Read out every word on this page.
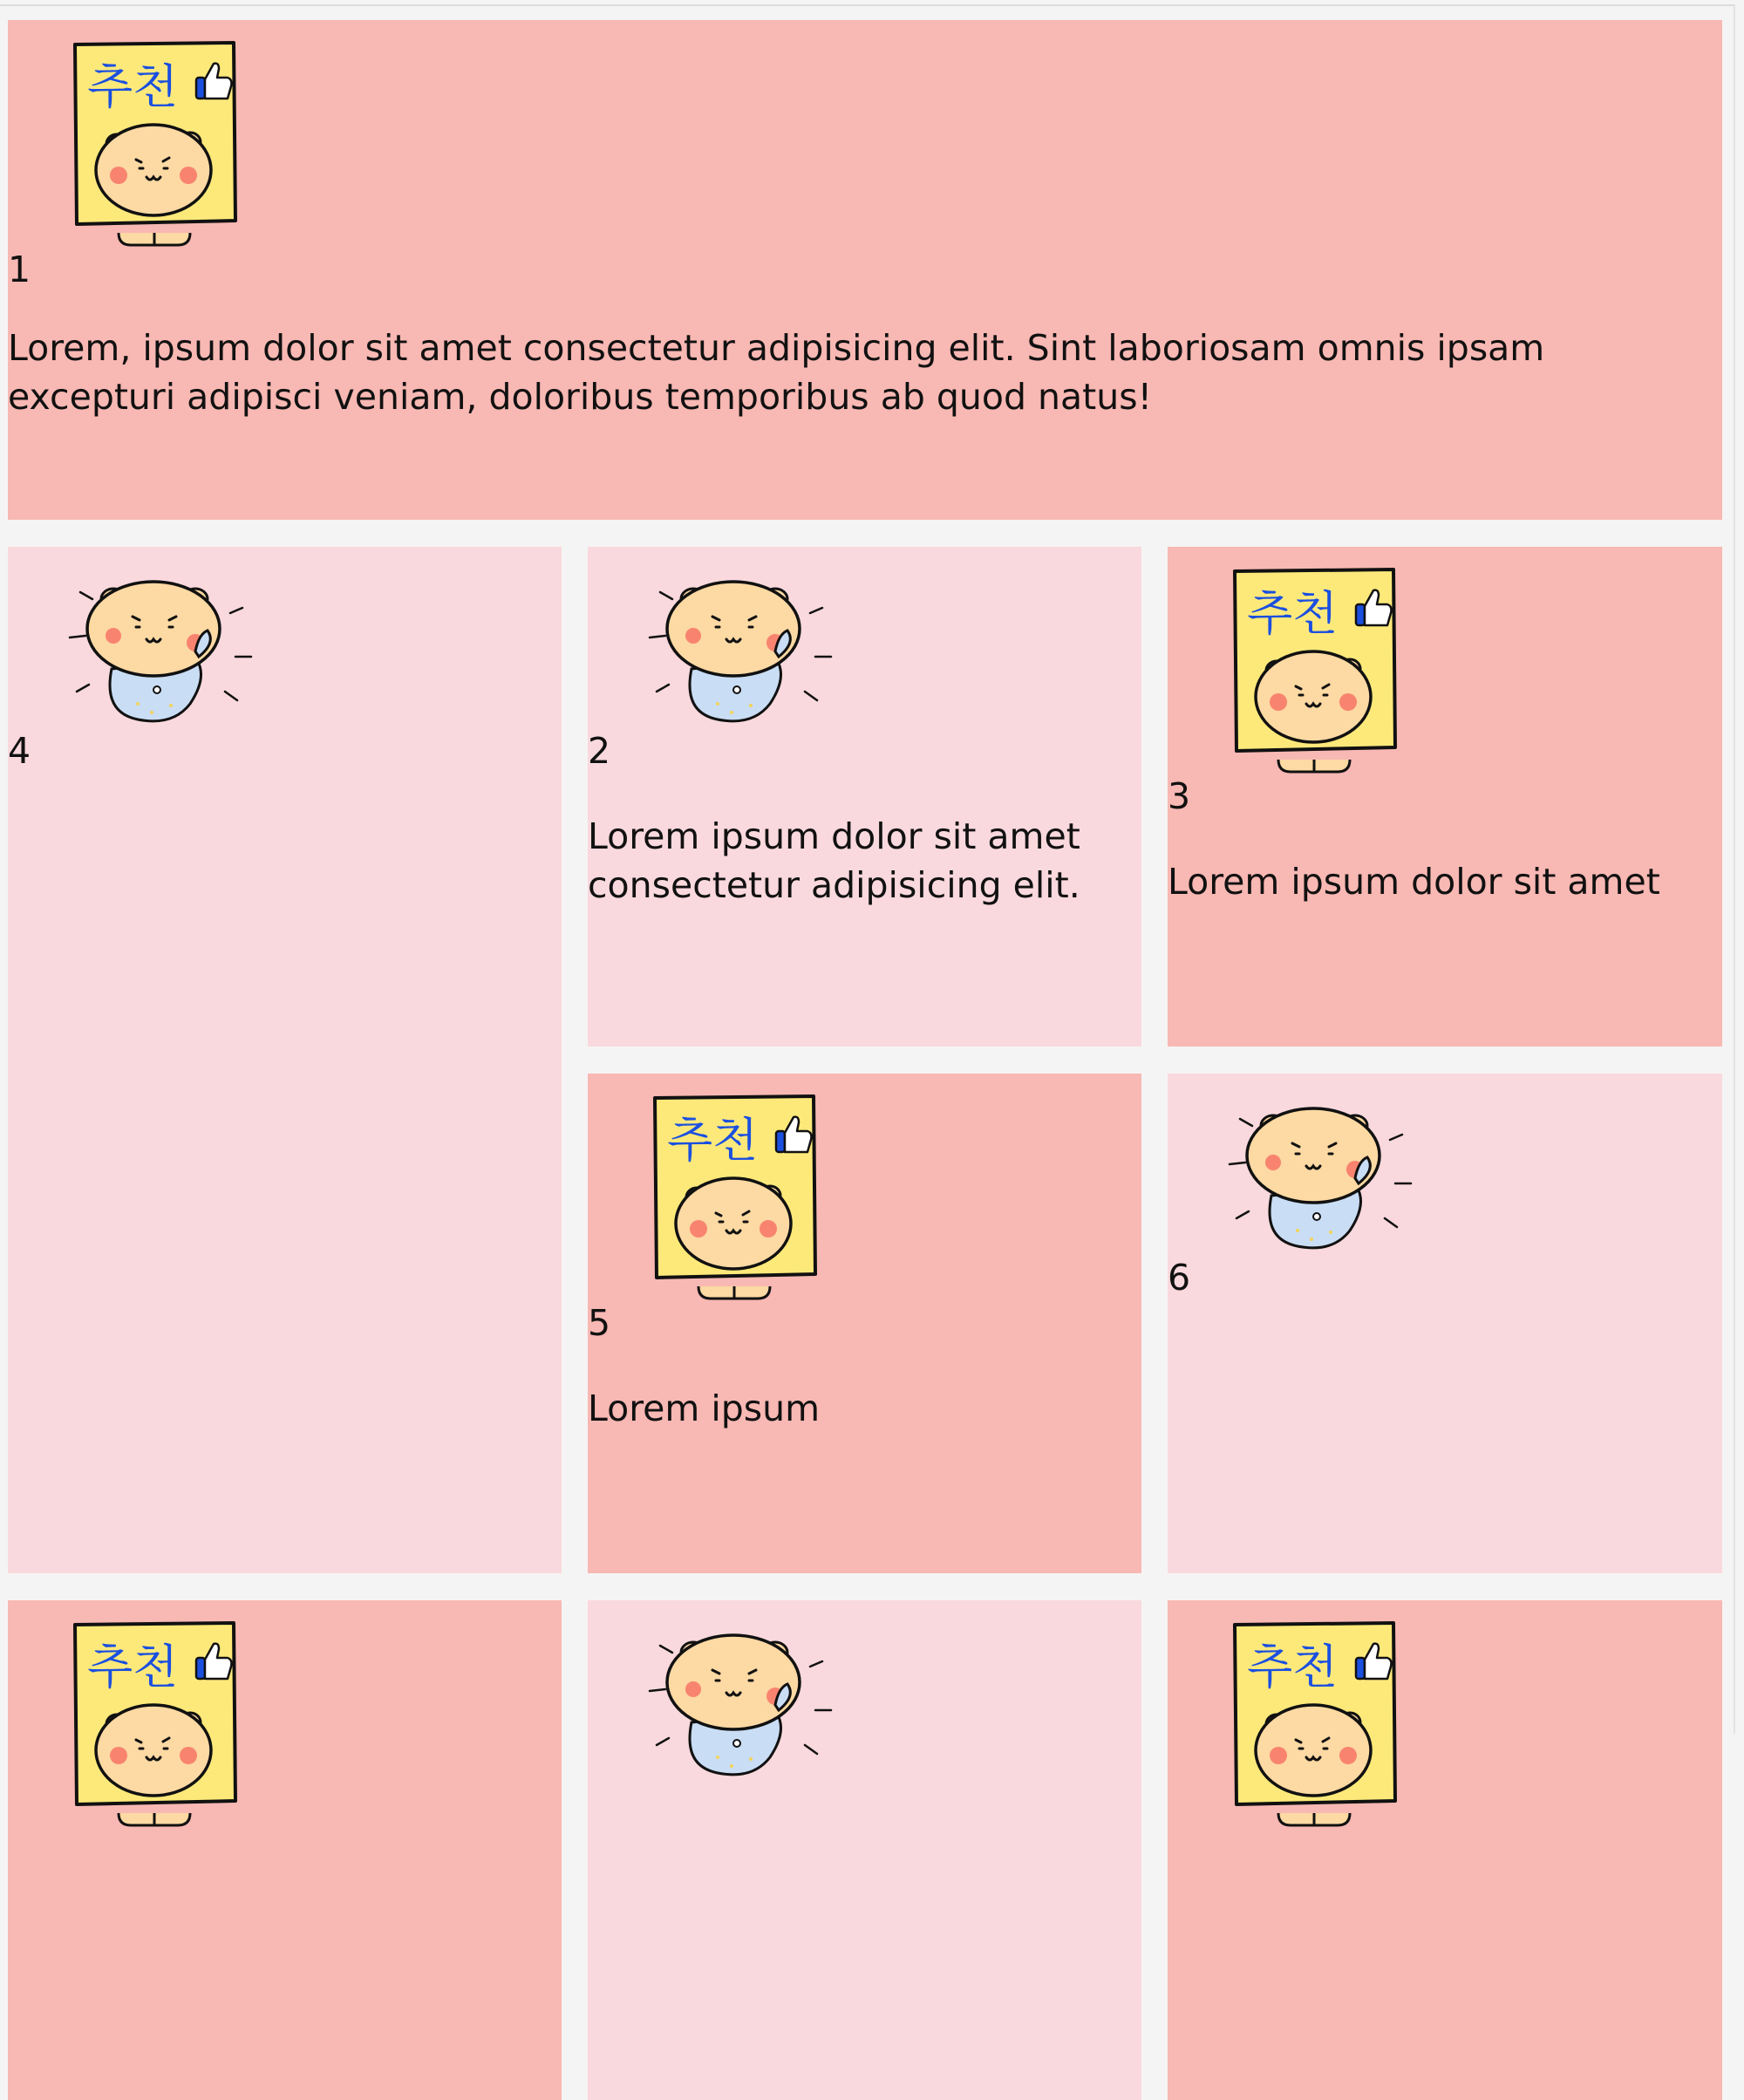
추천
1
Lorem, ipsum dolor sit amet consectetur adipisicing elit. Sint laboriosam omnis ipsam excepturi adipisci veniam, doloribus temporibus ab quod natus!
4	2
Lorem ipsum dolor sit amet consectetur adipisicing elit.
추천
3
Lorem ipsum dolor sit amet
추천
5
Lorem ipsum
6
추천	추천
